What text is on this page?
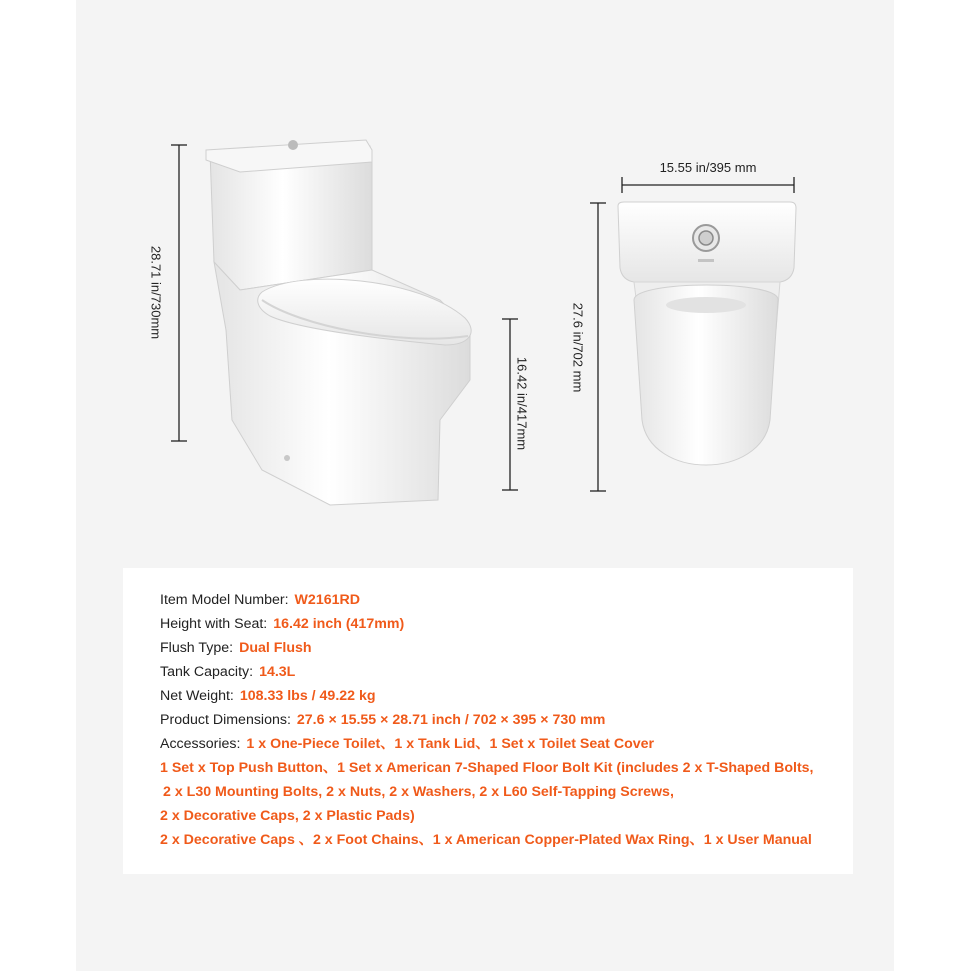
28.71 in/730mm
16.42 in/417mm
15.55 in/395 mm
27.6 in/702 mm
Item Model Number: W2161RD
Height with Seat: 16.42 inch (417mm)
Flush Type: Dual Flush
Tank Capacity: 14.3L
Net Weight: 108.33 lbs / 49.22 kg
Product Dimensions: 27.6 × 15.55 × 28.71 inch / 702 × 395 × 730 mm
Accessories: 1 x One-Piece Toilet、1 x Tank Lid、1 Set x Toilet Seat Cover
1 Set x Top Push Button、1 Set x American 7-Shaped Floor Bolt Kit (includes 2 x T-Shaped Bolts,
2 x L30 Mounting Bolts, 2 x Nuts, 2 x Washers, 2 x L60 Self-Tapping Screws,
2 x Decorative Caps, 2 x Plastic Pads)
2 x Decorative Caps 、2 x Foot Chains、1 x American Copper-Plated Wax Ring、1 x User Manual
